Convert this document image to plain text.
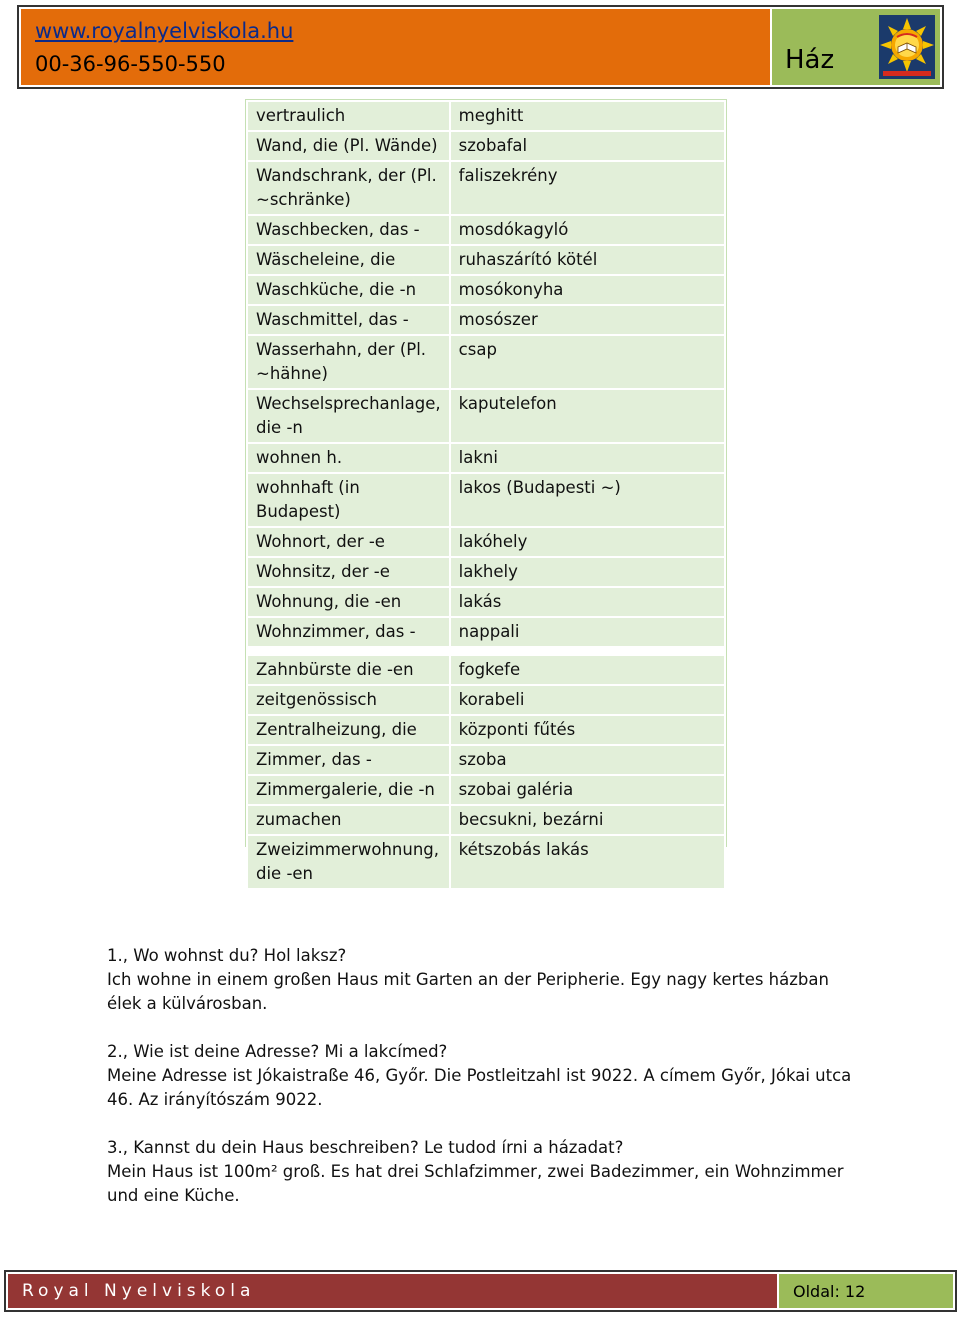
www.royalnyelviskola.hu
00-36-96-550-550	Ház
vertraulich	meghitt
Wand, die (Pl. Wände)	szobafal
Wandschrank, der (Pl. ~schränke)	faliszekrény
Waschbecken, das -	mosdókagyló
Wäscheleine, die	ruhaszárító kötél
Waschküche, die -n	mosókonyha
Waschmittel, das -	mosószer
Wasserhahn, der (Pl. ~hähne)	csap
Wechselsprechanlage, die -n	kaputelefon
wohnen h.	lakni
wohnhaft (in Budapest)	lakos (Budapesti ~)
Wohnort, der -e	lakóhely
Wohnsitz, der -e	lakhely
Wohnung, die -en	lakás
Wohnzimmer, das -	nappali

Zahnbürste die -en	fogkefe
zeitgenössisch	korabeli
Zentralheizung, die	központi fűtés
Zimmer, das -	szoba
Zimmergalerie, die -n	szobai galéria
zumachen	becsukni, bezárni
Zweizimmerwohnung, die -en	kétszobás lakás

1., Wo wohnst du? Hol laksz?
Ich wohne in einem großen Haus mit Garten an der Peripherie. Egy nagy kertes házban élek a külvárosban.

2., Wie ist deine Adresse? Mi a lakcímed?
Meine Adresse ist Jókaistraße 46, Győr. Die Postleitzahl ist 9022. A címem Győr, Jókai utca 46. Az irányítószám 9022.

3., Kannst du dein Haus beschreiben? Le tudod írni a házadat?
Mein Haus ist 100m² groß. Es hat drei Schlafzimmer, zwei Badezimmer, ein Wohnzimmer und eine Küche.

Royal Nyelviskola	Oldal: 12
